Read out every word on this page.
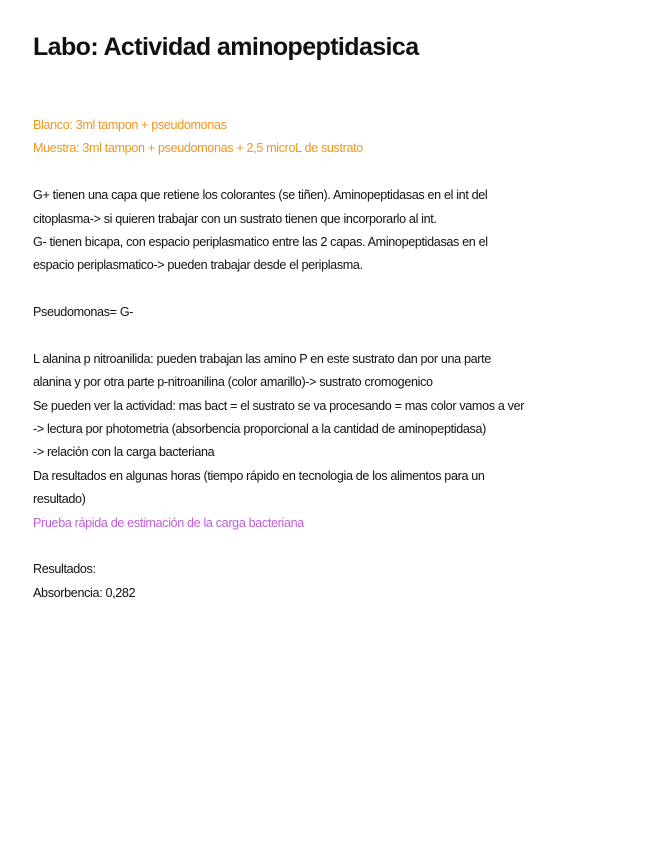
Labo: Actividad aminopeptidasica
Blanco: 3ml tampon + pseudomonas
Muestra: 3ml tampon + pseudomonas + 2,5 microL de sustrato
G+ tienen una capa que retiene los colorantes (se tiñen). Aminopeptidasas en el int del
citoplasma-> si quieren trabajar con un sustrato tienen que incorporarlo al int.
G- tienen bicapa, con espacio periplasmatico entre las 2 capas. Aminopeptidasas en el
espacio periplasmatico-> pueden trabajar desde el periplasma.
Pseudomonas= G-
L alanina p nitroanilida: pueden trabajan las amino P en este sustrato dan por una parte
alanina y por otra parte p-nitroanilina (color amarillo)-> sustrato cromogenico
Se pueden ver la actividad: mas bact = el sustrato se va procesando = mas color vamos a ver
-> lectura por photometria (absorbencia proporcional a la cantidad de aminopeptidasa)
-> relación con la carga bacteriana
Da resultados en algunas horas (tiempo rápido en tecnologia de los alimentos para un
resultado)
Prueba rápida de estimación de la carga bacteriana
Resultados:
Absorbencia: 0,282
